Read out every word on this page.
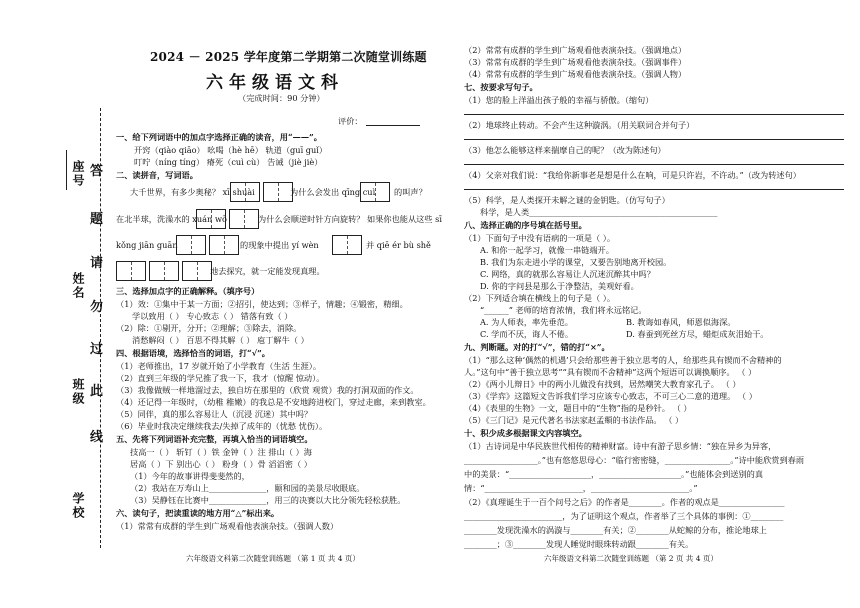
2024 － 2025 学年度第二学期第二次随堂训练题
六年级语文科
（完成时间：90 分钟）
评价：
座号
姓名
班级
学校
答
题
请
勿
过
此
线
一、给下列词语中的加点字选择正确的读音，用“——”。
开窍（qiào qiāo） 吆喝（hè hē） 轨道（guī guǐ）
叮咛（níng tíng） 瘠死（cuì cù） 告诫（jiè jiè）
二、读拼音，写词语。
大千世界，有多少奥秘？ xī shuài	为什么会发出 qīng cuì 的叫声？
在北半球，洗澡水的 xuán wō	为什么会顺逆时针方向旋转？ 如果你也能从这些 sī
kǒng jiān guān	的现象中提出 yí wèn	并 qiē ér bù shě
地去探究，就一定能发现真理。
三、选择加点字的正确解释。（填序号）
（1）效：①集中于某一方面；②招引，使达到；③样子，情趣；④锻密，精细。
学以致用（ ） 专心致志（ ） 错落有致（ ）
（2）除：①剔开，分开；②理解；③除去，消除。
消愁解闷（ ） 百思不得其解（ ） 庖丁解牛（ ）
四、根据语境，选择恰当的词语，打“√”。
（1）老师推出，17 岁就开始了小学教育（生活 生涯）。
（2）直到三年级的学兄推了我一下，我才（惊醒 惊动）。
（3）我像做贼一样地溜过去，独自坊在那里的（欣赏 观赏）我的打洞双面的作文。
（4）还记得一年级时，（幼稚 稚嫩）的我总是不安地跨进校门，穿过走廊，来到教室。
（5）同伴，真的那么容易让人（沉浸 沉迷）其中吗？
（6）毕业时我决定继续我去/失掉了成年的（忧愁 忧伤）。
五、先将下列词语补充完整，再填入恰当的词语填空。
技高一（ ） 斩钉（ ）铁 金钟（ ）注 排山（ ）海
居高（ ）下 别出心（ ） 粉身（ ）骨 滔滔密（ ）
（1）今年的故事讲得斐斐然的，
（2）我站在万寿山上______________，颐和园的美景尽收眼底。
（3）吴静钰在比赛中______________，用三的决赛以大比分领先轻松获胜。
六、读句子，把读重读的地方用“△”标出来。
（1）常常有成群的学生到广场观看他表演杂技。（强调人数）
六年级语文科第二次随堂训练题 （第 1 页 共 4 页）
（2）常常有成群的学生到广场观看他表演杂技。（强调地点）
（3）常常有成群的学生到广场观看他表演杂技。（强调事件）
（4）常常有成群的学生到广场观看他表演杂技。（强调人物）
七、按要求写句子。
（1）您的脸上洋溢出孩子般的幸福与骄傲。（缩句）
（2）地球终止转动。不会产生这种漩涡。（用关联词合并句子）
（3）他怎么能够这样来揣摩自己的呢？（改为陈述句）
（4）父亲对我们说：“我给你新事老是想是什么在响，可是只许岩，不许动。”（改为转述句）
（5）科学，是人类探开未解之谜的金钥匙。（仿写句子）
科学，是人类______________________________________________
八、选择正确的序号填在括号里。
（1）下面句子中没有语病的一项是（ ）。
A. 和你一起学习，就像一串链端开。
B. 我们为东走进小学的课堂，又要告别地离开校园。
C. 网络，真的就那么容易让人沉迷沉醉其中吗？
D. 你的字问县是那么于净整洁，美观好看。
（2）下列适合填在横线上的句子是（ ）。
“______” 老师的培育浓情，我们将永远铭记。
A. 为人师表，率先垂范。	B. 教诲如春风，师恩似海深。
C. 学而不厌，诲人不倦。	D. 春蚕到死丝方尽，蜡炬成灰泪始干。
九、判断题。对的打“√”，错的打“×”。
（1）“那么这种‘偶然的机遇’只会给那些善于独立思考的人，给那些具有锲而不舍精神的
人。”这句中“善于独立思考”“具有锲而不舍精神”这两个短语可以调换顺序。 （ ）
（2）《两小儿辩日》中的两小儿做没有找到，居然嘲笑大教育家孔子。 （ ）
（3）《学弈》这篇短文告诉我们学习应该专心致志，不可三心二意的道理。 （ ）
（4）《表里的生物》一文，题目中的“生物”指的是秒针。 （ ）
（5）《三门记》是元代著名书法家赵孟頫的书法作品。 （ ）
十、积少成多根据课文内容填空。
（1）古诗词是中华民族世代相传的精神财富。诗中有游子思乡情：“独在异乡为异客，
__________________。”也有悠悠思母心：“临行密密缝，________________。”诗中能欣赏到春雨
中的美景：“____________________，____________________。”也能体会到送别的真
情：“________________________，________________________。”
（2）《真理诞生于一百个问号之后》的作者是________。作者的观点是________________
________________________，为了证明这个观点，作者举了三个具体的事例：①________
________发现洗澡水的涡漩与________有关；②________从蛇鲸的分布，推论地球上
________；③________发现人睡觉时眼珠转动跟________有关。
六年级语文科第二次随堂训练题 （第 2 页 共 4 页）
